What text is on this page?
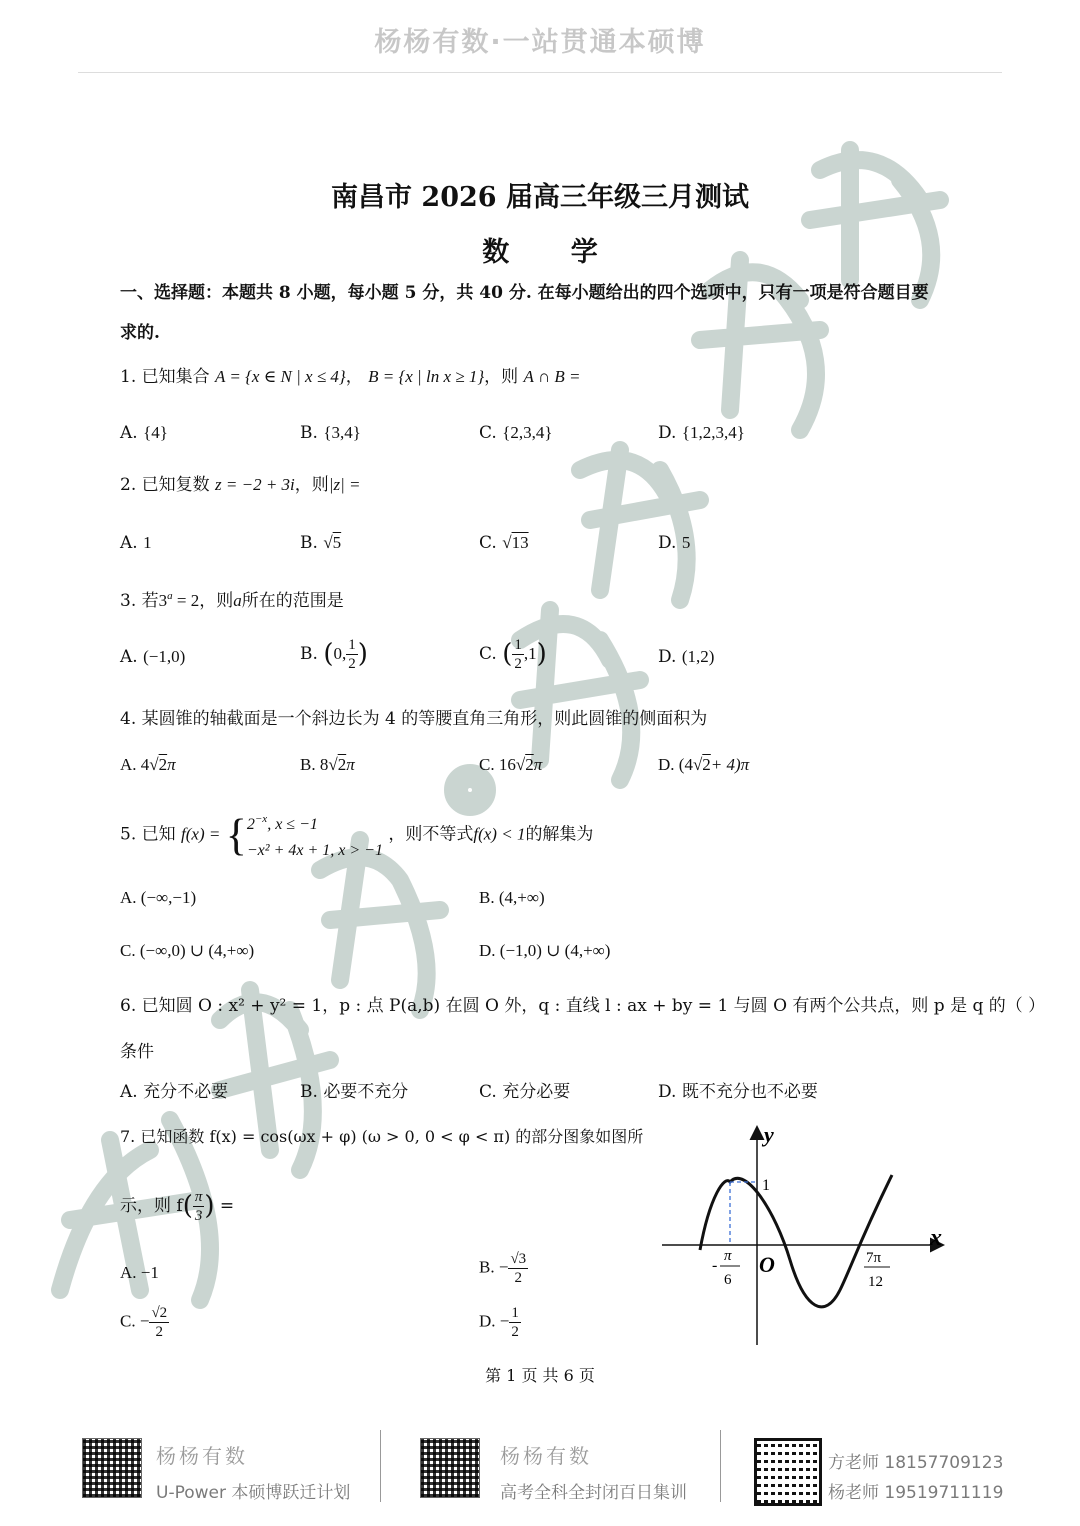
杨杨有数·一站贯通本硕博
南昌市 2026 届高三年级三月测试
数 学
一、选择题：本题共 8 小题，每小题 5 分，共 40 分. 在每小题给出的四个选项中，只有一项是符合题目要
求的.
1. 已知集合 A = {x ∈ N | x ≤ 4}， B = {x | ln x ≥ 1}，则 A ∩ B =
A. {4}	B. {3,4}	C. {2,3,4}	D. {1,2,3,4}
2. 已知复数 z = −2 + 3i，则|z| =
A. 1	B. √5	C. √13	D. 5
3. 若$3^a = 2$，则a所在的范围是
A. (−1,0)	B. (0, $\frac{1}{2}$ )	C. ( $\frac{1}{2} ,1$)	D. (1,2)
4. 某圆锥的轴截面是一个斜边长为 4 的等腰直角三角形，则此圆锥的侧面积为
A. 4√2π	B. 8√2π	C. 16√2π	D. (4√2+ 4)π
5. 已知 f(x) = { $2^{-x}$, x ≤ −1
−x² + 4x + 1, x > −1
，则不等式f(x) < 1的解集为
A. (−∞,−1)	B. (4,+∞)
C. (−∞,0) ∪ (4,+∞)	D. (−1,0) ∪ (4,+∞)
6. 已知圆 O : x² + y² = 1，p : 点 P(a,b) 在圆 O 外，q : 直线 l : ax + by = 1 与圆 O 有两个公共点，则 p 是 q 的（ ）
条件
A. 充分不必要	B. 必要不充分	C. 充分必要	D. 既不充分也不必要
7. 已知函数 f(x) = cos(ωx + φ) (ω > 0, 0 < φ < π) 的部分图象如图所
示，则 $f( \frac{\pi}{3}$ ) =
A. −1	B. − $\frac{√3}{2}$
C. − $\frac{√2}{2}$	D. − $\frac{1}{2}$
y
x
1
O
-
π
6
7π
12
第 1 页 共 6 页
杨杨有数
U-Power 本硕博跃迁计划
杨杨有数
高考全科全封闭百日集训
方老师 18157709123
杨老师 19519711119
